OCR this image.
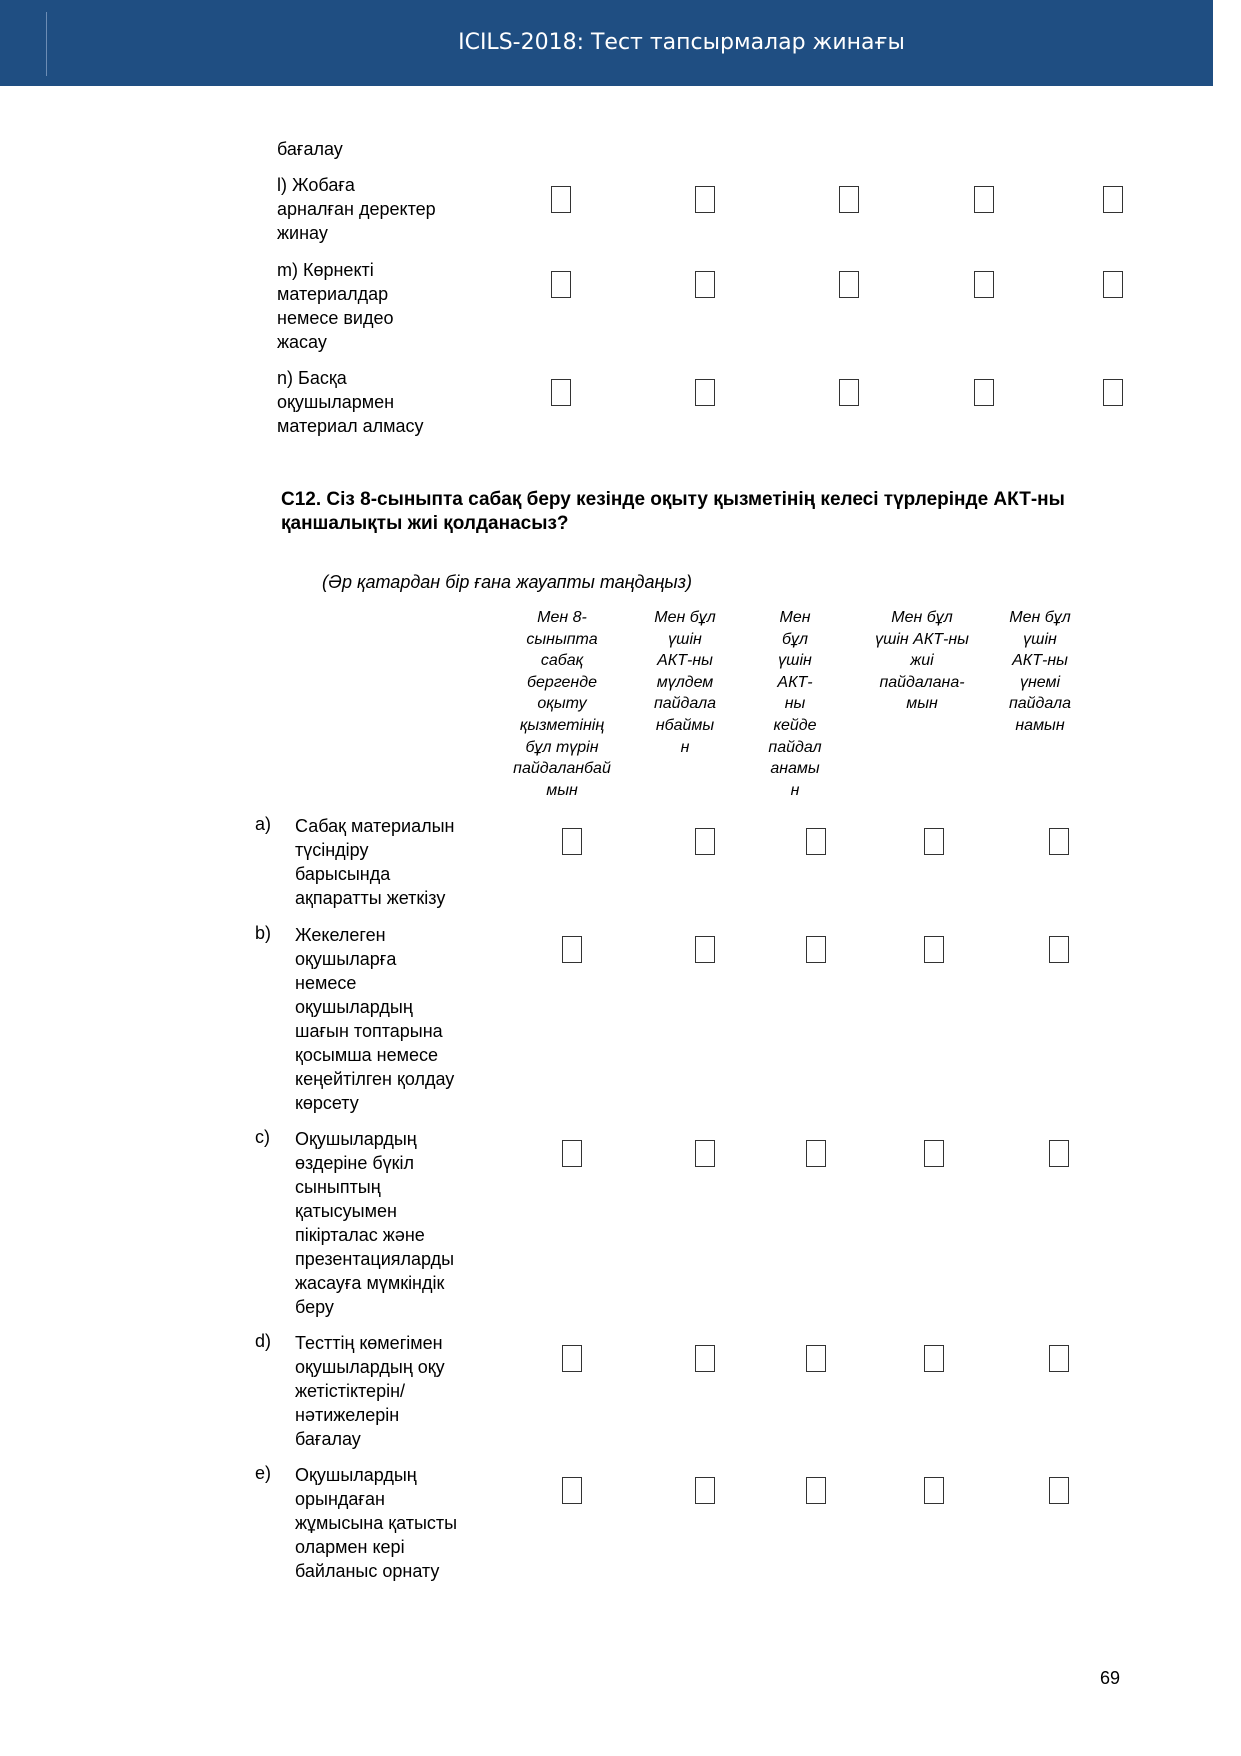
ICILS-2018: Тест тапсырмалар жинағы
бағалау
l) Жобаға
арналған деректер
жинау
m) Көрнекті
материалдар
немесе видео
жасау
n) Басқа
оқушылармен
материал алмасу
С12. Сіз 8-сыныпта сабақ беру кезінде оқыту қызметінің келесі түрлерінде АКТ-ны қаншалықты жиі қолданасыз?
(Әр қатардан бір ғана жауапты таңдаңыз)
Мен 8-
сыныпта
сабақ
бергенде
оқыту
қызметінің
бұл түрін
пайдаланбай
мын
Мен бұл
үшін
АКТ-ны
мүлдем
пайдала
нбаймы
н
Мен
бұл
үшін
АКТ-
ны
кейде
пайдал
анамы
н
Мен бұл
үшін АКТ-ны
жиі
пайдалана-
мын
Мен бұл
үшін
АКТ-ны
үнемі
пайдала
намын
a) Сабақ материалын
түсіндіру
барысында
ақпаратты жеткізу
b) Жекелеген
оқушыларға
немесе
оқушылардың
шағын топтарына
қосымша немесе
кеңейтілген қолдау
көрсету
c) Оқушылардың
өздеріне бүкіл
сыныптың
қатысуымен
пікірталас және
презентацияларды
жасауға мүмкіндік
беру
d) Тесттің көмегімен
оқушылардың оқу
жетістіктерін/
нәтижелерін
бағалау
e) Оқушылардың
орындаған
жұмысына қатысты
олармен кері
байланыс орнату
69
